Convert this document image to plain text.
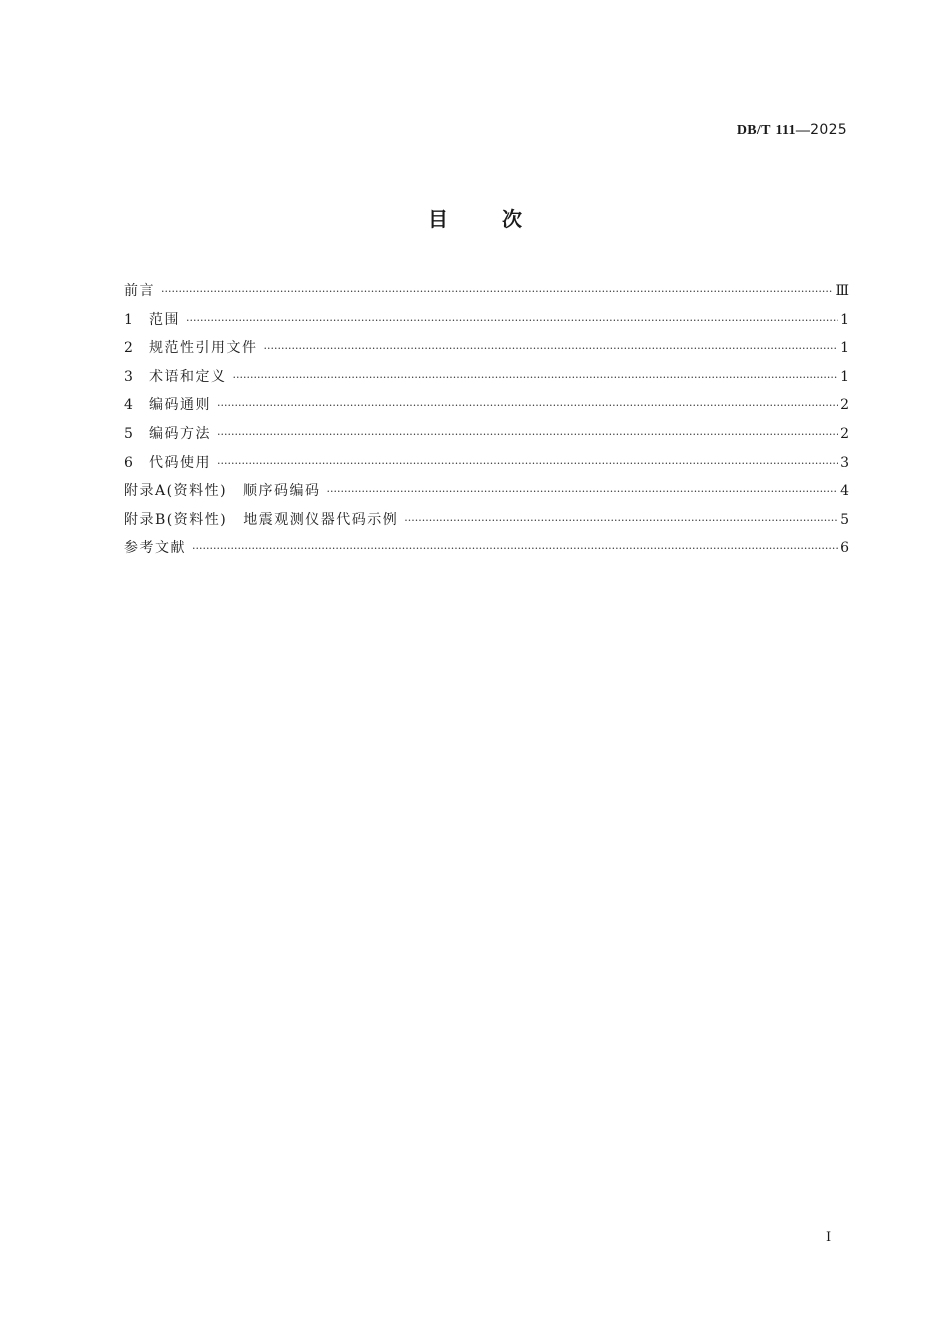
DB/T 111—2025
目	次
前言 ·····	Ⅲ
1 范围 ·····	1
2 规范性引用文件 ·····	1
3 术语和定义 ·····	1
4 编码通则 ·····	2
5 编码方法 ·····	2
6 代码使用 ·····	3
附录A(资料性) 顺序码编码 ·····	4
附录B(资料性) 地震观测仪器代码示例 ·····	5
参考文献 ·····	6
I
